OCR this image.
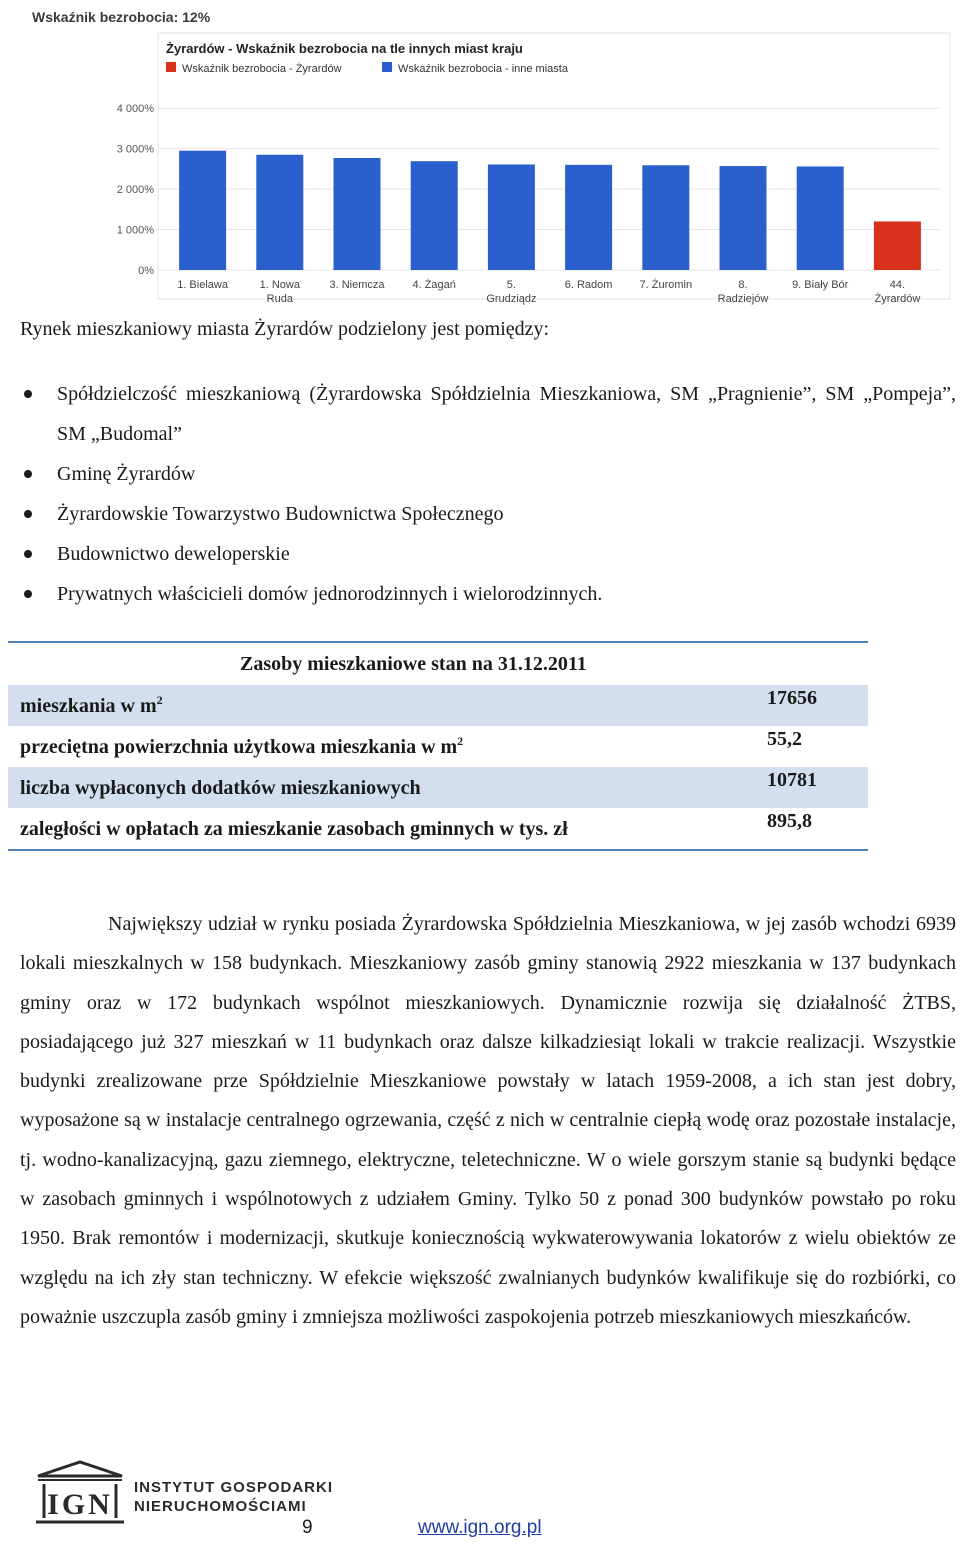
Wskaźnik bezrobocia: 12%
Żyrardów - Wskaźnik bezrobocia na tle innych miast kraju
Wskaźnik bezrobocia - Żyrardów	Wskaźnik bezrobocia - inne miasta
0%
1 000%
2 000%
3 000%
4 000%
1. Bielawa	1. Nowa
Ruda
3. Niemcza	4. Żagań	5.
Grudziądz
6. Radom 7. Żuromin	8.
Radziejów
9. Biały Bór	44.
Żyrardów

Rynek mieszkaniowy miasta Żyrardów podzielony jest pomiędzy:

Spółdzielczość mieszkaniową (Żyrardowska Spółdzielnia Mieszkaniowa, SM „Pragnienie”, SM „Pompeja”, SM „Budomal”
Gminę Żyrardów
Żyrardowskie Towarzystwo Budownictwa Społecznego
Budownictwo deweloperskie
Prywatnych właścicieli domów jednorodzinnych i wielorodzinnych.
Zasoby mieszkaniowe stan na 31.12.2011
mieszkania w $m^2$	17656
przeciętna powierzchnia użytkowa mieszkania w $m^2$	55,2
liczba wypłaconych dodatków mieszkaniowych	10781
zaległości w opłatach za mieszkanie zasobach gminnych w tys. zł	895,8

Największy udział w rynku posiada Żyrardowska Spółdzielnia Mieszkaniowa, w jej zasób wchodzi 6939 lokali mieszkalnych w 158 budynkach. Mieszkaniowy zasób gminy stanowią 2922 mieszkania w 137 budynkach gminy oraz w 172 budynkach wspólnot mieszkaniowych. Dynamicznie rozwija się działalność ŻTBS, posiadającego już 327 mieszkań w 11 budynkach oraz dalsze kilkadziesiąt lokali w trakcie realizacji. Wszystkie budynki zrealizowane prze Spółdzielnie Mieszkaniowe powstały w latach 1959-2008, a ich stan jest dobry, wyposażone są w instalacje centralnego ogrzewania, część z nich w centralnie ciepłą wodę oraz pozostałe instalacje, tj. wodno-kanalizacyjną, gazu ziemnego, elektryczne, teletechniczne. W o wiele gorszym stanie są budynki będące w zasobach gminnych i wspólnotowych z udziałem Gminy. Tylko 50 z ponad 300 budynków powstało po roku 1950. Brak remontów i modernizacji, skutkuje koniecznością wykwaterowywania lokatorów z wielu obiektów ze względu na ich zły stan techniczny. W efekcie większość zwalnianych budynków kwalifikuje się do rozbiórki, co poważnie uszczupla zasób gminy i zmniejsza możliwości zaspokojenia potrzeb mieszkaniowych mieszkańców.

IGN
INSTYTUT GOSPODARKI
NIERUCHOMOŚCIAMI
9	www.ign.org.pl
